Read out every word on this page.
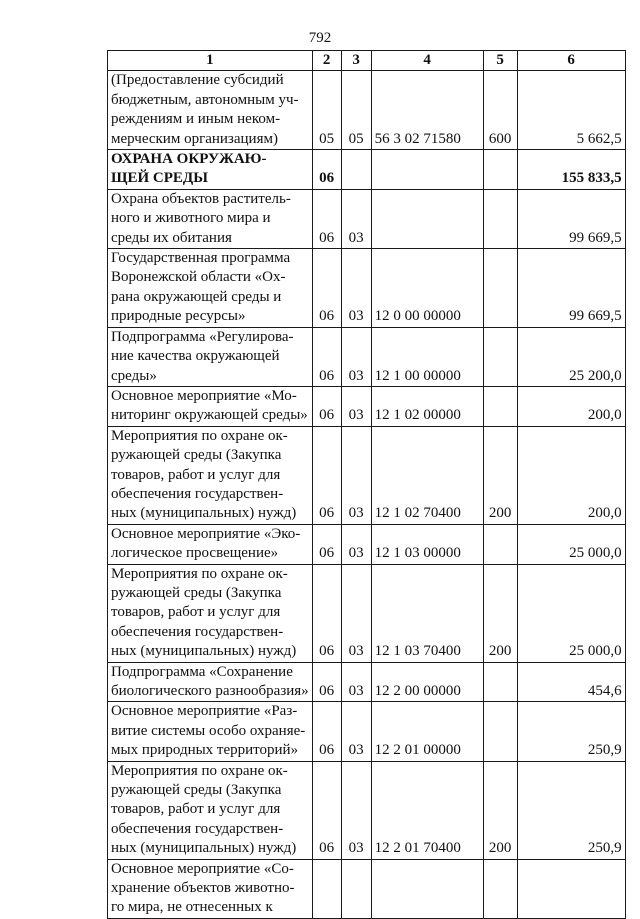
792
1	2	3	4	5	6

(Предоставление субсидий
бюджетным, автономным уч-
реждениям и иным неком-
мерческим организациям)	05	05	56 3 02 71580	600	5 662,5

ОХРАНА ОКРУЖАЮ-
ЩЕЙ СРЕДЫ	06				155 833,5

Охрана объектов раститель-
ного и животного мира и
среды их обитания	06	03			99 669,5

Государственная программа
Воронежской области «Ох-
рана окружающей среды и
природные ресурсы»	06	03	12 0 00 00000		99 669,5

Подпрограмма «Регулирова-
ние качества окружающей
среды»	06	03	12 1 00 00000		25 200,0

Основное мероприятие «Мо-
ниторинг окружающей среды»	06	03	12 1 02 00000		200,0

Мероприятия по охране ок-
ружающей среды (Закупка
товаров, работ и услуг для
обеспечения государствен-
ных (муниципальных) нужд)	06	03	12 1 02 70400	200	200,0

Основное мероприятие «Эко-
логическое просвещение»	06	03	12 1 03 00000		25 000,0

Мероприятия по охране ок-
ружающей среды (Закупка
товаров, работ и услуг для
обеспечения государствен-
ных (муниципальных) нужд)	06	03	12 1 03 70400	200	25 000,0

Подпрограмма «Сохранение
биологического разнообразия»	06	03	12 2 00 00000		454,6

Основное мероприятие «Раз-
витие системы особо охраняе-
мых природных территорий»	06	03	12 2 01 00000		250,9

Мероприятия по охране ок-
ружающей среды (Закупка
товаров, работ и услуг для
обеспечения государствен-
ных (муниципальных) нужд)	06	03	12 2 01 70400	200	250,9

Основное мероприятие «Со-
хранение объектов животно-
го мира, не отнесенных к					
